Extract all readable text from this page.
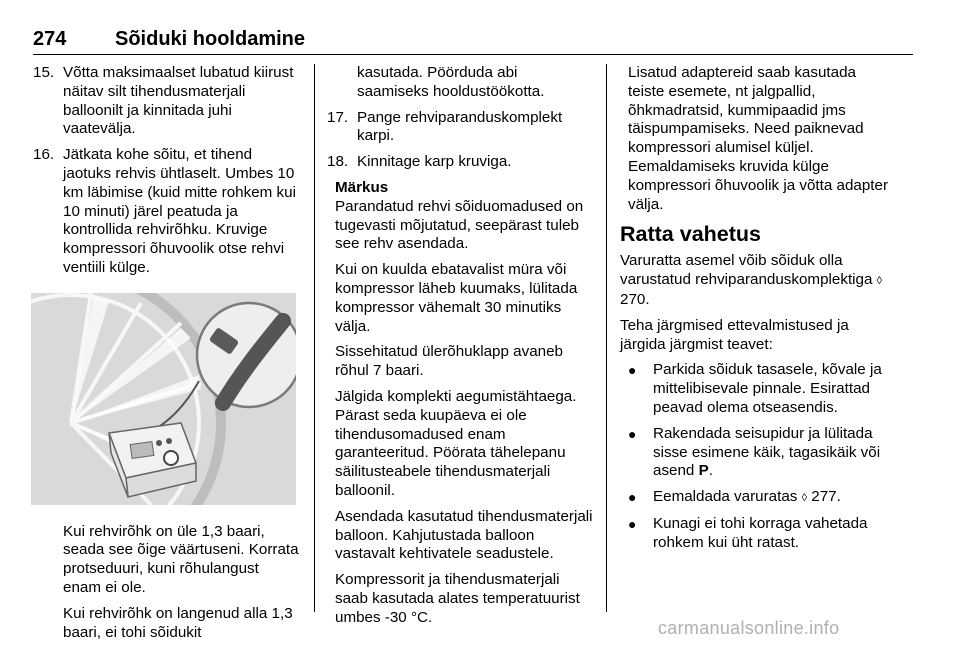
274 Sõiduki hooldamine
15. Võtta maksimaalset lubatud kiirust näitav silt tihendusmaterjali balloonilt ja kinnitada juhi vaatevälja.
16. Jätkata kohe sõitu, et tihend jaotuks rehvis ühtlaselt. Umbes 10 km läbimise (kuid mitte rohkem kui 10 minuti) järel peatuda ja kontrollida rehvirõhku. Kruvige kompressori õhuvoolik otse rehvi ventiili külge.

Kui rehvirõhk on üle 1,3 baari, seada see õige väärtuseni. Korrata protseduuri, kuni rõhulangust enam ei ole.

Kui rehvirõhk on langenud alla 1,3 baari, ei tohi sõidukit

kasutada. Pöörduda abi saamiseks hooldustöökotta.

17. Pange rehviparanduskomplekt karpi.
18. Kinnitage karp kruviga.

Märkus

Parandatud rehvi sõiduomadused on tugevasti mõjutatud, seepärast tuleb see rehv asendada.

Kui on kuulda ebatavalist müra või kompressor läheb kuumaks, lülitada kompressor vähemalt 30 minutiks välja.

Sissehitatud ülerõhuklapp avaneb rõhul 7 baari.

Jälgida komplekti aegumistähtaega. Pärast seda kuupäeva ei ole tihendusomadused enam garanteeritud. Pöörata tähelepanu säilitusteabele tihendusmaterjali balloonil.

Asendada kasutatud tihendusmaterjali balloon. Kahjutustada balloon vastavalt kehtivatele seadustele.

Kompressorit ja tihendusmaterjali saab kasutada alates temperatuurist umbes -30 °C.

Lisatud adaptereid saab kasutada teiste esemete, nt jalgpallid, õhkmadratsid, kummipaadid jms täispumpamiseks. Need paiknevad kompressori alumisel küljel. Eemaldamiseks kruvida külge kompressori õhuvoolik ja võtta adapter välja.

Ratta vahetus

Varuratta asemel võib sõiduk olla varustatud rehviparanduskomplektiga ◊ 270.

Teha järgmised ettevalmistused ja järgida järgmist teavet:

●	Parkida sõiduk tasasele, kõvale ja mittelibisevale pinnale. Esirattad peavad olema otseasendis.
●	Rakendada seisupidur ja lülitada sisse esimene käik, tagasikäik või asend P.
●	Eemaldada varuratas ◊ 277.
●	Kunagi ei tohi korraga vahetada rohkem kui üht ratast.
carmanualsonline.info
